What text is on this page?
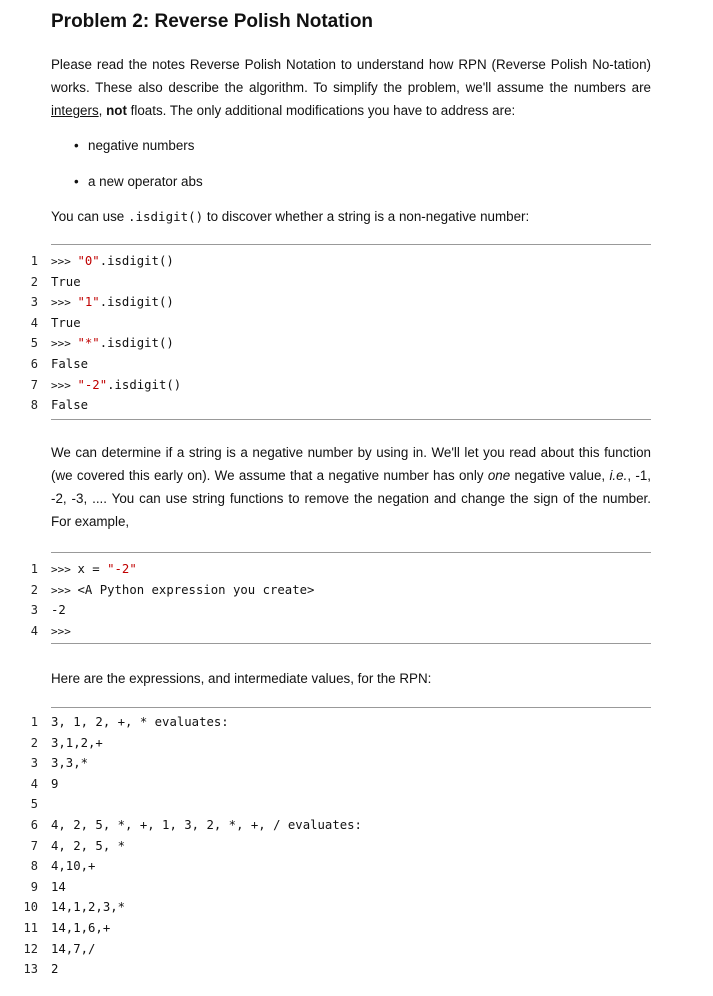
Problem 2: Reverse Polish Notation

Please read the notes Reverse Polish Notation to understand how RPN (Reverse Polish No-tation) works. These also describe the algorithm. To simplify the problem, we'll assume the numbers are integers, not floats. The only additional modifications you have to address are:

• negative numbers
• a new operator abs

You can use .isdigit() to discover whether a string is a non-negative number:

1 >>> "0".isdigit()
2 True
3 >>> "1".isdigit()
4 True
5 >>> "*".isdigit()
6 False
7 >>> "-2".isdigit()
8 False

We can determine if a string is a negative number by using in. We'll let you read about this function (we covered this early on). We assume that a negative number has only one negative value, i.e., -1, -2, -3, .... You can use string functions to remove the negation and change the sign of the number. For example,

1 >>> x = "-2"
2 >>> <A Python expression you create>
3 -2
4 >>>

Here are the expressions, and intermediate values, for the RPN:

1 3, 1, 2, +, * evaluates:
2 3,1,2,+
3 3,3,*
4 9
5
6 4, 2, 5, *, +, 1, 3, 2, *, +, / evaluates:
7 4, 2, 5, *
8 4,10,+
9 14
10 14,1,2,3,*
11 14,1,6,+
12 14,7,/
13 2
